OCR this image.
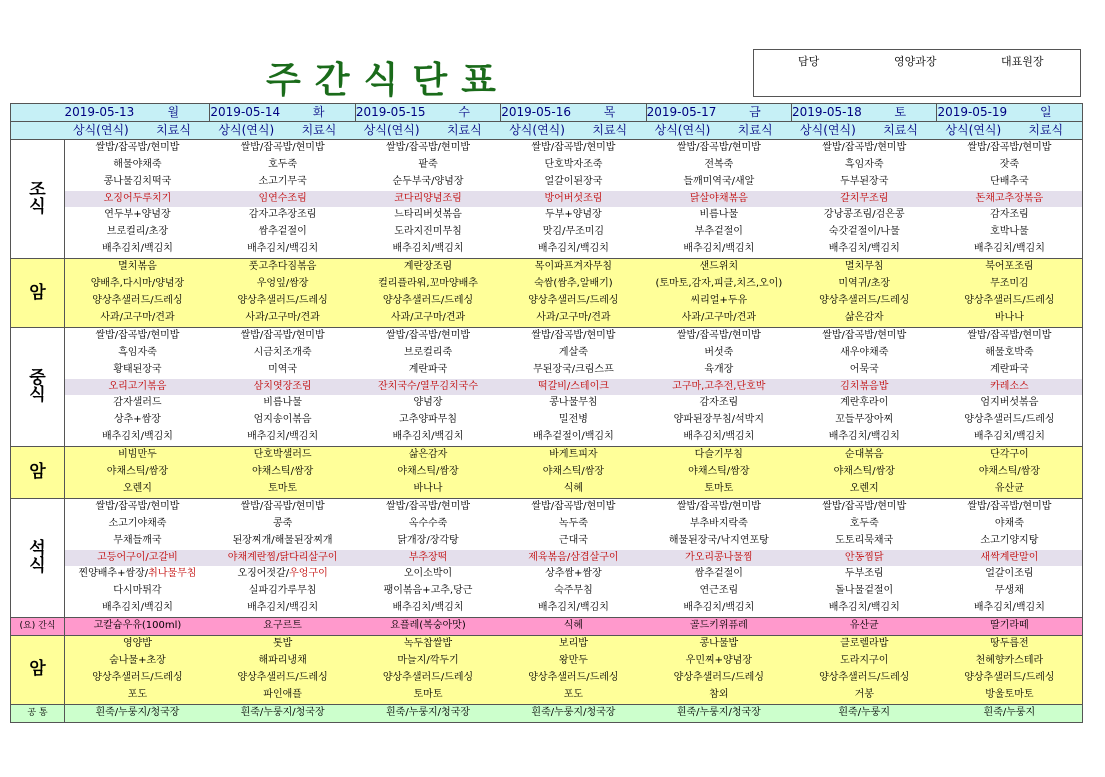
주간식단표	담당	영양과장	대표원장
	2019-05-13	월	2019-05-14	화	2019-05-15	수	2019-05-16	목	2019-05-17	금	2019-05-18	토	2019-05-19	일
	상식(연식)	치료식	상식(연식)	치료식	상식(연식)	치료식	상식(연식)	치료식	상식(연식)	치료식	상식(연식)	치료식	상식(연식)	치료식
조
식	쌀밥/잡곡밥/현미밥		쌀밥/잡곡밥/현미밥		쌀밥/잡곡밥/현미밥		쌀밥/잡곡밥/현미밥		쌀밥/잡곡밥/현미밥		쌀밥/잡곡밥/현미밥		쌀밥/잡곡밥/현미밥	
	해물야채죽		호두죽		팥죽		단호박자조죽		전복죽		흑임자죽		잣죽	
	콩나물김치떡국		소고기무국		순두부국/양념장		얼갈이된장국		들깨미역국/새알		두부된장국		단배추국	
	오징어두루치기		임연수조림		코다리양념조림		방어버섯조림		닭살야채볶음		갈치무조림		돈채고추장볶음	
	연두부+양념장		감자고추장조림		느타리버섯볶음		두부+양념장		비름나물		강낭콩조림/검은콩		감자조림	
	브로컬리/초장		쌈추겉절이		도라지진미무침		맛김/무조미김		부추겉절이		숙갓겉절이/나물		호박나물	
	배추김치/백김치		배추김치/백김치		배추김치/백김치		배추김치/백김치		배추김치/백김치		배추김치/백김치		배추김치/백김치	
암	멸치볶음		풋고추다짐볶음		계란장조림		목이파프겨자무침		샌드위치		멸치무침		북어포조림	
	양배추,다시마/양념장		우엉잎/쌈장		컬리플라워,꼬마양배추		숙쌈(쌈추,알배기)		(토마토,감자,피클,치즈,오이)		미역귀/초장		무조미김	
	양상추샐러드/드레싱		양상추샐러드/드레싱		양상추샐러드/드레싱		양상추샐러드/드레싱		씨리얼+두유		양상추샐러드/드레싱		양상추샐러드/드레싱	
	사과/고구마/견과		사과/고구마/견과		사과/고구마/견과		사과/고구마/견과		사과/고구마/견과		삶은감자		바나나	
중
식	쌀밥/잡곡밥/현미밥		쌀밥/잡곡밥/현미밥		쌀밥/잡곡밥/현미밥		쌀밥/잡곡밥/현미밥		쌀밥/잡곡밥/현미밥		쌀밥/잡곡밥/현미밥		쌀밥/잡곡밥/현미밥	
	흑임자죽		시금치조개죽		브로컬리죽		게살죽		버섯죽		새우야채죽		해물호박죽	
	황태된장국		미역국		계란파국		무된장국/크림스프		육개장		어묵국		계란파국	
	오리고기볶음		삼치엿장조림		잔치국수/열무김치국수		떡갈비/스테이크		고구마,고추전,단호박		김치볶음밥		카레소스	
	감자샐러드		비름나물		양념장		콩나물무침		감자조림		계란후라이		엄지버섯볶음	
	상추+쌈장		엄지송이볶음		고추양파무침		밀전병		양파된장무침/석박지		꼬들무장아찌		양상추샐러드/드레싱	
	배추김치/백김치		배추김치/백김치		배추김치/백김치		배추겉절이/백김치		배추김치/백김치		배추김치/백김치		배추김치/백김치	
암	비빔만두		단호박샐러드		삶은감자		바게트피자		다슬기무침		순대볶음		단각구이	
	야채스틱/쌈장		야채스틱/쌈장		야채스틱/쌈장		야채스틱/쌈장		야채스틱/쌈장		야채스틱/쌈장		야채스틱/쌈장	
	오렌지		토마토		바나나		식혜		토마토		오렌지		유산균	
석
식	쌀밥/잡곡밥/현미밥		쌀밥/잡곡밥/현미밥		쌀밥/잡곡밥/현미밥		쌀밥/잡곡밥/현미밥		쌀밥/잡곡밥/현미밥		쌀밥/잡곡밥/현미밥		쌀밥/잡곡밥/현미밥	
	소고기야채죽		콩죽		옥수수죽		녹두죽		부추바지락죽		호두죽		야채죽	
	무채들깨국		된장찌개/해물된장찌개		닭개장/장각탕		근대국		해물된장국/낙지연포탕		도토리묵채국		소고기양지탕	
	고등어구이/고갈비		야채계란찜/닭다리살구이		부추장떡		제육볶음/삼겹살구이		가오리콩나물찜		안동찜닭		새싹계란말이	
	찐양배추+쌈장/취나물무침		오징어젓갈/우엉구이		오이소박이		상추쌈+쌈장		쌈추겉절이		두부조림		얼갈이조림	
	다시마튀각		실파김가루무침		팽이볶음+고추,당근		숙주무침		연근조림		돌나물겉절이		무생채	
	배추김치/백김치		배추김치/백김치		배추김치/백김치		배추김치/백김치		배추김치/백김치		배추김치/백김치		배추김치/백김치	
(요) 간식	고칼슘우유(100ml)		요구르트		요플레(복숭아맛)		식혜		골드키위퓨레		유산균		딸기라떼	
암	영양밥		톳밥		녹두찹쌀밥		보리밥		콩나물밥		클로렐라밥		땅두릅전	
	숨나물+초장		해파리냉채		마늘지/깍두기		왕만두		우민찌+양념장		도라지구이		천혜향카스테라	
	양상추샐러드/드레싱		양상추샐러드/드레싱		양상추샐러드/드레싱		양상추샐러드/드레싱		양상추샐러드/드레싱		양상추샐러드/드레싱		양상추샐러드/드레싱	
	포도		파인애플		토마토		포도		참외		거봉		방울토마토	
공 통	흰죽/누룽지/청국장		흰죽/누룽지/청국장		흰죽/누룽지/청국장		흰죽/누룽지/청국장		흰죽/누룽지/청국장		흰죽/누룽지		흰죽/누룽지	
